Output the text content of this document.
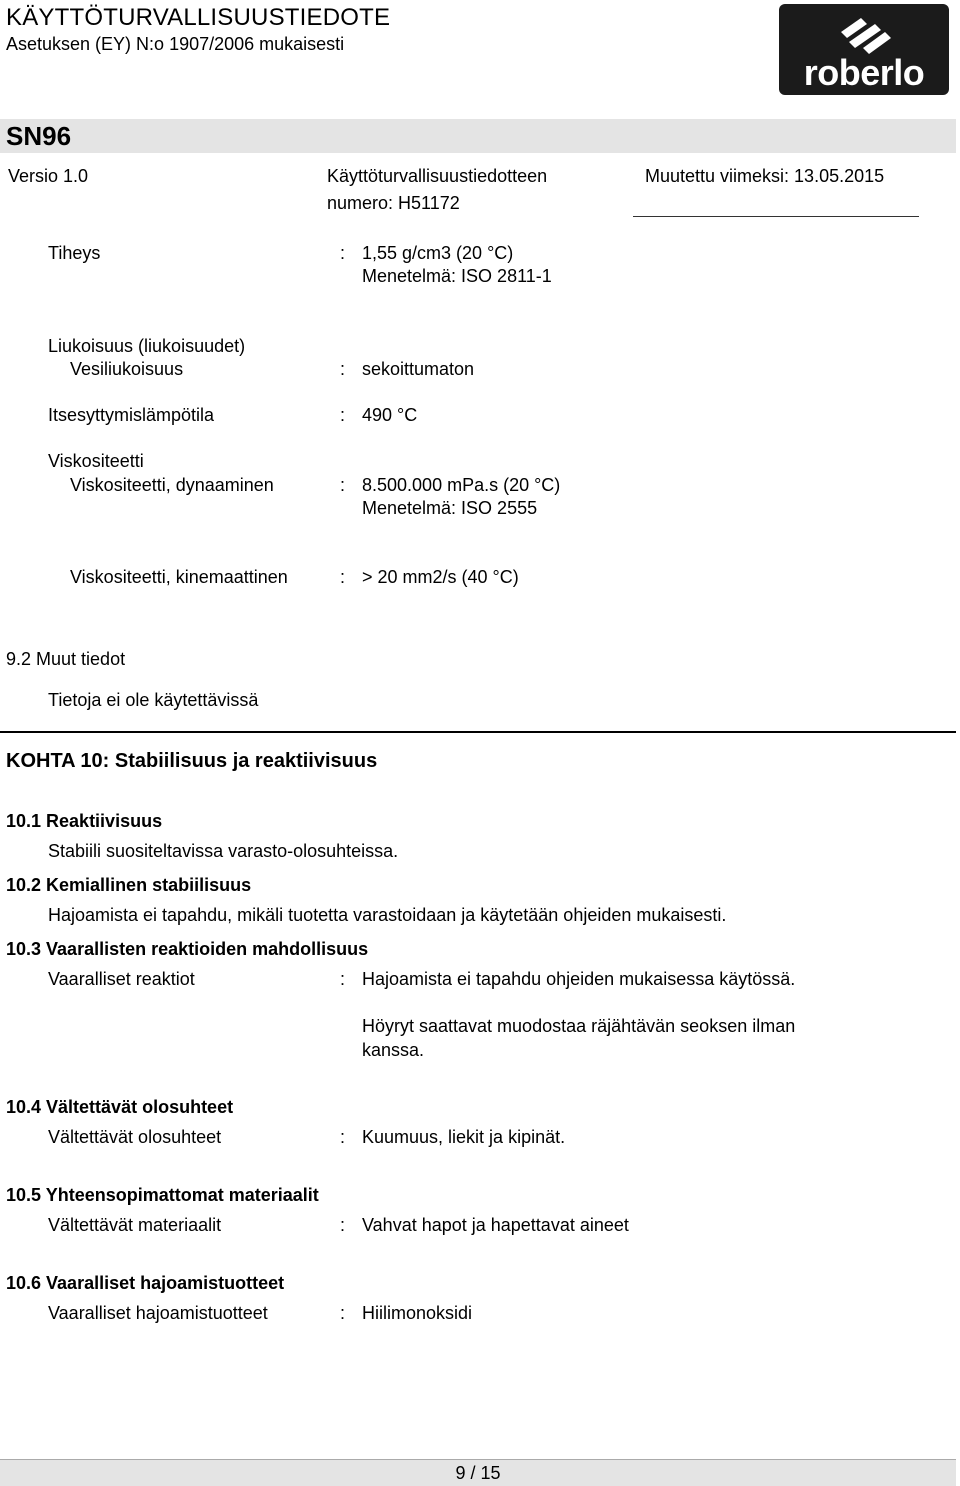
KÄYTTÖTURVALLISUUSTIEDOTE
Asetuksen (EY) N:o 1907/2006 mukaisesti
roberlo
SN96
Versio 1.0	Käyttöturvallisuustiedotteen
numero: H51172
Muutettu viimeksi: 13.05.2015
Tiheys	: 1,55 g/cm3 (20 °C)
Menetelmä: ISO 2811-1
Liukoisuus (liukoisuudet)
Vesiliukoisuus	: sekoittumaton
Itsesyttymislämpötila	: 490 °C
Viskositeetti
Viskositeetti, dynaaminen	: 8.500.000 mPa.s (20 °C)
Menetelmä: ISO 2555
Viskositeetti, kinemaattinen	: > 20 mm2/s (40 °C)
9.2 Muut tiedot
Tietoja ei ole käytettävissä
KOHTA 10: Stabiilisuus ja reaktiivisuus
10.1 Reaktiivisuus
Stabiili suositeltavissa varasto-olosuhteissa.
10.2 Kemiallinen stabiilisuus
Hajoamista ei tapahdu, mikäli tuotetta varastoidaan ja käytetään ohjeiden mukaisesti.
10.3 Vaarallisten reaktioiden mahdollisuus
Vaaralliset reaktiot	: Hajoamista ei tapahdu ohjeiden mukaisessa käytössä.
Höyryt saattavat muodostaa räjähtävän seoksen ilman
kanssa.
10.4 Vältettävät olosuhteet
Vältettävät olosuhteet	: Kuumuus, liekit ja kipinät.
10.5 Yhteensopimattomat materiaalit
Vältettävät materiaalit	: Vahvat hapot ja hapettavat aineet
10.6 Vaaralliset hajoamistuotteet
Vaaralliset hajoamistuotteet	: Hiilimonoksidi
9 / 15
